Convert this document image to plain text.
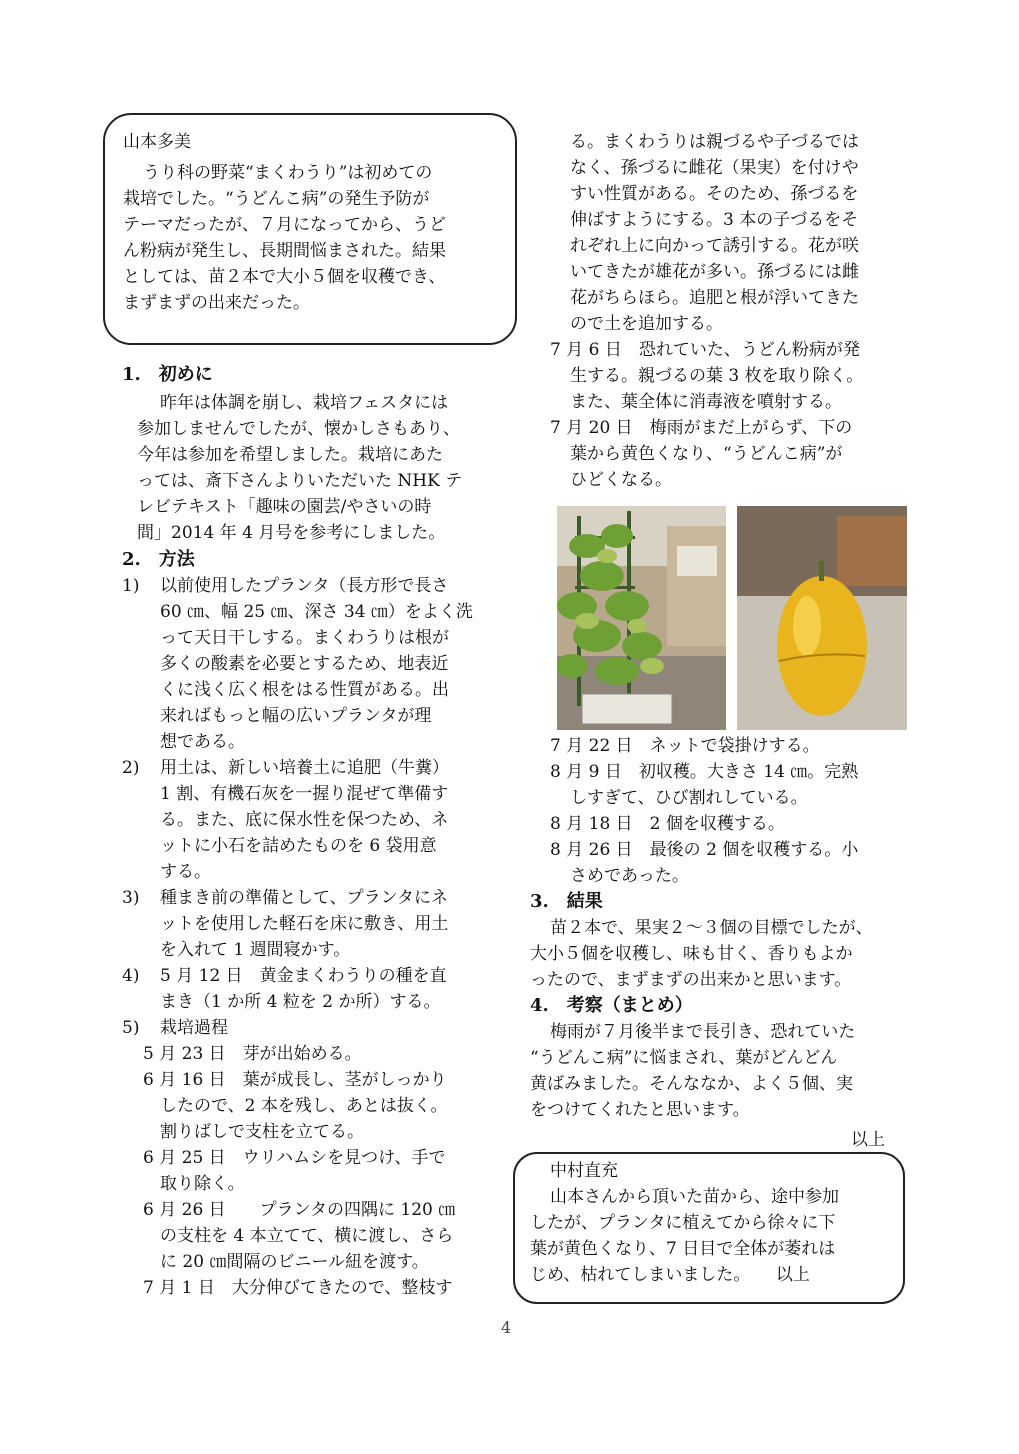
山本多美
うり科の野菜“まくわうり”は初めての
栽培でした。“うどんこ病”の発生予防が
テーマだったが、７月になってから、うど
ん粉病が発生し、長期間悩まされた。結果
としては、苗２本で大小５個を収穫でき、
まずまずの出来だった。
1.　初めに
昨年は体調を崩し、栽培フェスタには
参加しませんでしたが、懐かしさもあり、
今年は参加を希望しました。栽培にあた
っては、斎下さんよりいただいた NHK テ
レビテキスト「趣味の園芸/やさいの時
間」2014 年 4 月号を参考にしました。
2.　方法
1) 以前使用したプランタ（長方形で長さ
60 ㎝、幅 25 ㎝、深さ 34 ㎝）をよく洗
って天日干しする。まくわうりは根が
多くの酸素を必要とするため、地表近
くに浅く広く根をはる性質がある。出
来ればもっと幅の広いプランタが理
想である。
2) 用土は、新しい培養土に追肥（牛糞）
1 割、有機石灰を一握り混ぜて準備す
る。また、底に保水性を保つため、ネ
ットに小石を詰めたものを 6 袋用意
する。
3) 種まき前の準備として、プランタにネ
ットを使用した軽石を床に敷き、用土
を入れて 1 週間寝かす。
4) 5 月 12 日　黄金まくわうりの種を直
まき（1 か所 4 粒を 2 か所）する。
5) 栽培過程
5 月 23 日　芽が出始める。
6 月 16 日　葉が成長し、茎がしっかり
したので、2 本を残し、あとは抜く。
割りばしで支柱を立てる。
6 月 25 日　ウリハムシを見つけ、手で
取り除く。
6 月 26 日　　プランタの四隅に 120 ㎝
の支柱を 4 本立てて、横に渡し、さら
に 20 ㎝間隔のビニール紐を渡す。
7 月 1 日　大分伸びてきたので、整枝す
る。まくわうりは親づるや子づるでは
なく、孫づるに雌花（果実）を付けや
すい性質がある。そのため、孫づるを
伸ばすようにする。3 本の子づるをそ
れぞれ上に向かって誘引する。花が咲
いてきたが雄花が多い。孫づるには雌
花がちらほら。追肥と根が浮いてきた
ので土を追加する。
7 月 6 日　恐れていた、うどん粉病が発
生する。親づるの葉 3 枚を取り除く。
また、葉全体に消毒液を噴射する。
7 月 20 日　梅雨がまだ上がらず、下の
葉から黄色くなり、“うどんこ病”が
ひどくなる。
7 月 22 日　ネットで袋掛けする。
8 月 9 日　初収穫。大きさ 14 ㎝。完熟
しすぎて、ひび割れしている。
8 月 18 日　2 個を収穫する。
8 月 26 日　最後の 2 個を収穫する。小
さめであった。
3.　結果
苗２本で、果実２〜３個の目標でしたが、
大小５個を収穫し、味も甘く、香りもよか
ったので、まずまずの出来かと思います。
4.　考察（まとめ）
梅雨が７月後半まで長引き、恐れていた
“うどんこ病”に悩まされ、葉がどんどん
黄ばみました。そんななか、よく５個、実
をつけてくれたと思います。
以上
中村直充
山本さんから頂いた苗から、途中参加
したが、プランタに植えてから徐々に下
葉が黄色くなり、7 日目で全体が萎れは
じめ、枯れてしまいました。　　以上
4
